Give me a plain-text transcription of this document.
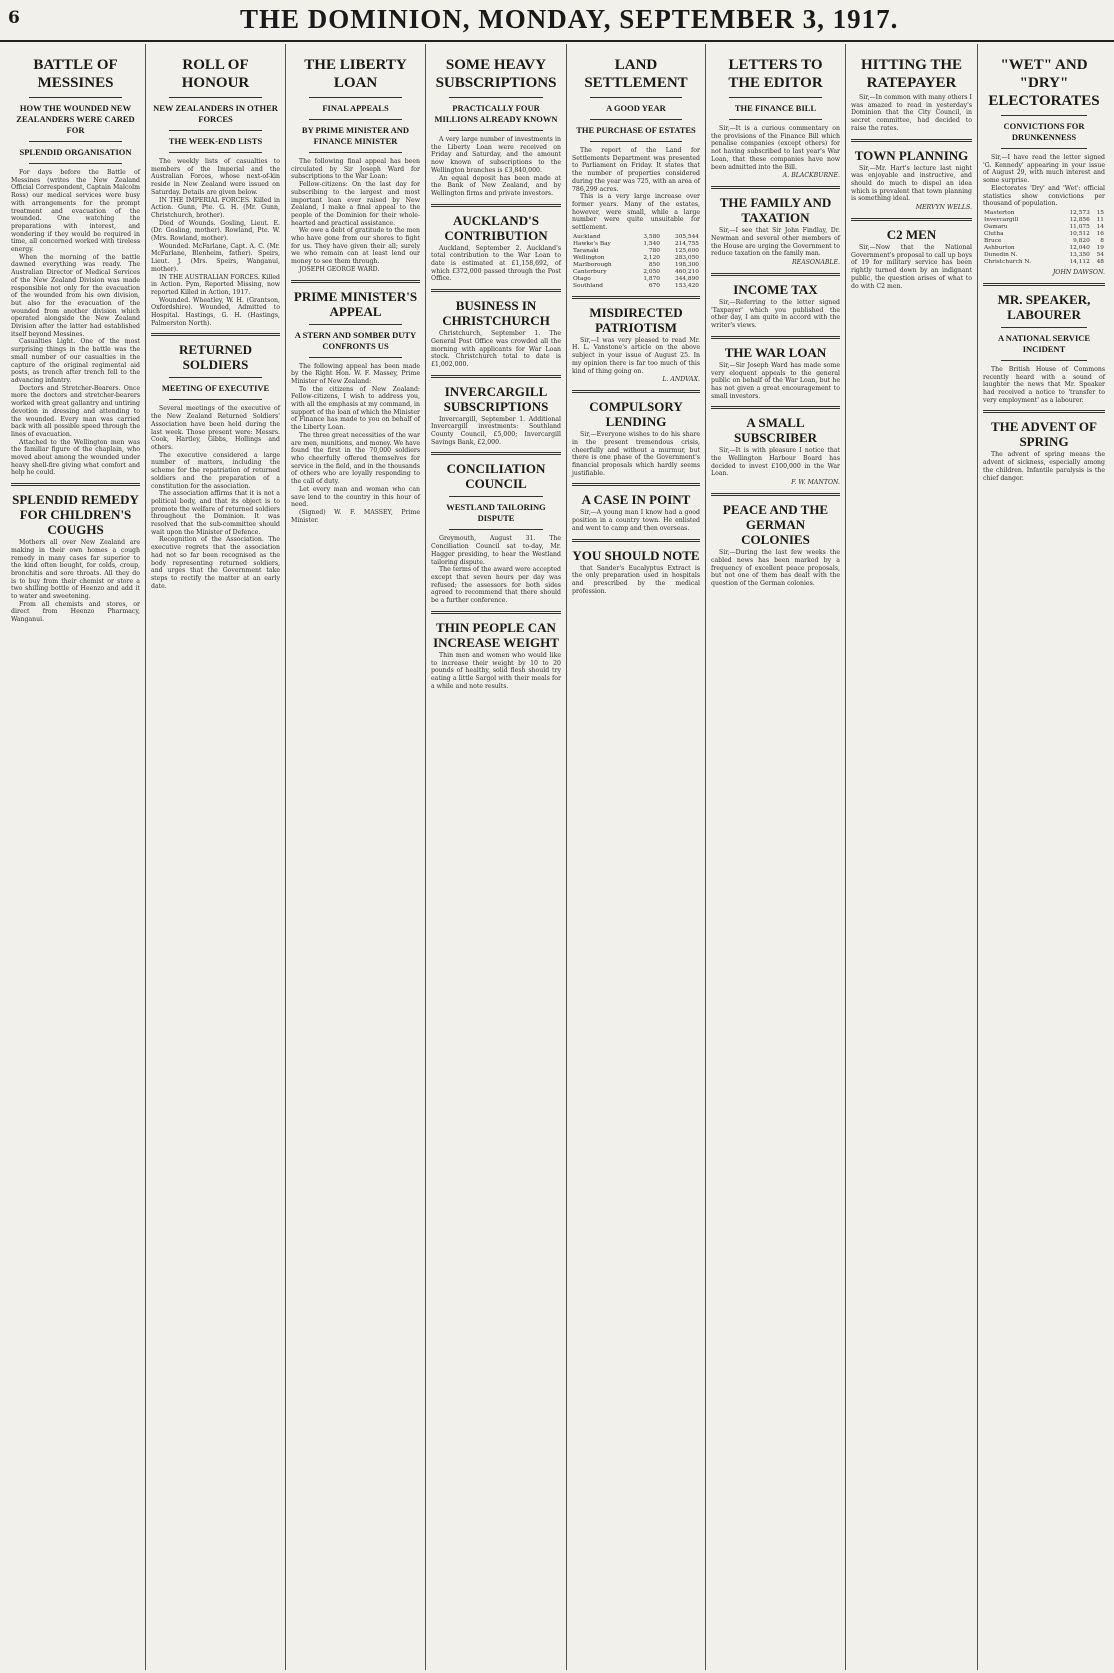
6	THE DOMINION, MONDAY, SEPTEMBER 3, 1917.
BATTLE OF MESSINES
HOW THE WOUNDED NEW ZEALANDERS WERE CARED FOR
SPLENDID ORGANISATION

For days before the Battle of Messines (writes the New Zealand Official Correspondent, Captain Malcolm Ross) our medical services were busy with arrangements for the prompt treatment and evacuation of the wounded. One watching the preparations with interest, and wondering if they would be required in time, all concerned worked with tireless energy.

When the morning of the battle dawned everything was ready. The Australian Director of Medical Services of the New Zealand Division was made responsible not only for the evacuation of the wounded from his own division, but also for the evacuation of the wounded from another division which operated alongside the New Zealand Division after the latter had established itself beyond Messines.

Casualties Light. One of the most surprising things in the battle was the small number of our casualties in the capture of the original regimental aid posts, as trench after trench fell to the advancing infantry.

Doctors and Stretcher-Bearers. Once more the doctors and stretcher-bearers worked with great gallantry and untiring devotion in dressing and attending to the wounded. Every man was carried back with all possible speed through the lines of evacuation.

Attached to the Wellington men was the familiar figure of the chaplain, who moved about among the wounded under heavy shell-fire giving what comfort and help he could.

SPLENDID REMEDY FOR CHILDREN'S COUGHS

Mothers all over New Zealand are making in their own homes a cough remedy in many cases far superior to the kind often bought, for colds, croup, bronchitis and sore throats. All they do is to buy from their chemist or store a two shilling bottle of Heenzo and add it to water and sweetening.

From all chemists and stores, or direct from Heenzo Pharmacy, Wanganui.

ROLL OF HONOUR
NEW ZEALANDERS IN OTHER FORCES
THE WEEK-END LISTS

The weekly lists of casualties to members of the Imperial and the Australian Forces, whose next-of-kin reside in New Zealand were issued on Saturday. Details are given below.

IN THE IMPERIAL FORCES. Killed in Action. Gunn, Pte. G. H. (Mr. Gunn, Christchurch, brother).

Died of Wounds. Gosling, Lieut. E. (Dr. Gosling, mother). Rowland, Pte. W. (Mrs. Rowland, mother).

Wounded. McFarlane, Capt. A. C. (Mr. McFarlane, Blenheim, father). Speirs, Lieut. J. (Mrs. Speirs, Wanganui, mother).

IN THE AUSTRALIAN FORCES. Killed in Action. Pym, Reported Missing, now reported Killed in Action, 1917.

Wounded. Wheatley, W. H. (Grantson, Oxfordshire). Wounded, Admitted to Hospital. Hastings, G. H. (Hastings, Palmerston North).

RETURNED SOLDIERS
MEETING OF EXECUTIVE

Several meetings of the executive of the New Zealand Returned Soldiers' Association have been held during the last week. Those present were: Messrs. Cook, Hartley, Gibbs, Hollings and others.

The executive considered a large number of matters, including the scheme for the repatriation of returned soldiers and the preparation of a constitution for the association.

The association affirms that it is not a political body, and that its object is to promote the welfare of returned soldiers throughout the Dominion. It was resolved that the sub-committee should wait upon the Minister of Defence.

Recognition of the Association. The executive regrets that the association had not so far been recognised as the body representing returned soldiers, and urges that the Government take steps to rectify the matter at an early date.

THE LIBERTY LOAN
FINAL APPEALS
BY PRIME MINISTER AND FINANCE MINISTER

The following final appeal has been circulated by Sir Joseph Ward for subscriptions to the War Loan:

Fellow-citizens: On the last day for subscribing to the largest and most important loan ever raised by New Zealand, I make a final appeal to the people of the Dominion for their whole-hearted and practical assistance.

We owe a debt of gratitude to the men who have gone from our shores to fight for us. They have given their all; surely we who remain can at least lend our money to see them through.

JOSEPH GEORGE WARD.

PRIME MINISTER'S APPEAL
A STERN AND SOMBER DUTY CONFRONTS US

The following appeal has been made by the Right Hon. W. F. Massey, Prime Minister of New Zealand:

To the citizens of New Zealand: Fellow-citizens, I wish to address you, with all the emphasis at my command, in support of the loan of which the Minister of Finance has made to you on behalf of the Liberty Loan.

The three great necessities of the war are men, munitions, and money. We have found the first in the 70,000 soldiers who cheerfully offered themselves for service in the field, and in the thousands of others who are loyally responding to the call of duty.

Let every man and woman who can save lend to the country in this hour of need.

(Signed) W. F. MASSEY, Prime Minister.

SOME HEAVY SUBSCRIPTIONS
PRACTICALLY FOUR MILLIONS ALREADY KNOWN

A very large number of investments in the Liberty Loan were received on Friday and Saturday, and the amount now known of subscriptions to the Wellington branches is £3,840,000.

An equal deposit has been made at the Bank of New Zealand, and by Wellington firms and private investors.

AUCKLAND'S CONTRIBUTION

Auckland, September 2. Auckland's total contribution to the War Loan to date is estimated at £1,158,692, of which £372,000 passed through the Post Office.

BUSINESS IN CHRISTCHURCH

Christchurch, September 1. The General Post Office was crowded all the morning with applicants for War Loan stock. Christchurch total to date is £1,002,000.

INVERCARGILL SUBSCRIPTIONS

Invercargill, September 1. Additional Invercargill investments: Southland County Council, £5,000; Invercargill Savings Bank, £2,000.

CONCILIATION COUNCIL
WESTLAND TAILORING DISPUTE

Greymouth, August 31. The Conciliation Council sat to-day, Mr. Hagger presiding, to hear the Westland tailoring dispute.

The terms of the award were accepted except that seven hours per day was refused; the assessors for both sides agreed to recommend that there should be a further conference.

THIN PEOPLE CAN INCREASE WEIGHT

Thin men and women who would like to increase their weight by 10 to 20 pounds of healthy, solid flesh should try eating a little Sargol with their meals for a while and note results.

LAND SETTLEMENT
A GOOD YEAR
THE PURCHASE OF ESTATES

The report of the Land for Settlements Department was presented to Parliament on Friday. It states that the number of properties considered during the year was 725, with an area of 786,299 acres.

This is a very large increase over former years. Many of the estates, however, were small, while a large number were quite unsuitable for settlement.

Auckland	3,580	305,544
Hawke's Bay	1,540	214,755
Taranaki	780	125,600
Wellington	2,120	283,050
Marlborough	850	198,300
Canterbury	2,050	460,210
Otago	1,870	344,890
Southland	670	153,420
MISDIRECTED PATRIOTISM

Sir,—I was very pleased to read Mr. H. L. Vanstone's article on the above subject in your issue of August 25. In my opinion there is far too much of this kind of thing going on.

L. ANDVAX.
COMPULSORY LENDING

Sir,—Everyone wishes to do his share in the present tremendous crisis, cheerfully and without a murmur, but there is one phase of the Government's financial proposals which hardly seems justifiable.

A CASE IN POINT

Sir,—A young man I know had a good position in a country town. He enlisted and went to camp and then overseas.

YOU SHOULD NOTE

that Sander's Eucalyptus Extract is the only preparation used in hospitals and prescribed by the medical profession.

LETTERS TO THE EDITOR
THE FINANCE BILL

Sir,—It is a curious commentary on the provisions of the Finance Bill which penalise companies (except others) for not having subscribed to last year's War Loan, that these companies have now been admitted into the Bill.

A. BLACKBURNE.
THE FAMILY AND TAXATION

Sir,—I see that Sir John Findlay, Dr. Newman and several other members of the House are urging the Government to reduce taxation on the family man.

REASONABLE.
INCOME TAX

Sir,—Referring to the letter signed 'Taxpayer' which you published the other day, I am quite in accord with the writer's views.

THE WAR LOAN

Sir,—Sir Joseph Ward has made some very eloquent appeals to the general public on behalf of the War Loan, but he has not given a great encouragement to small investors.

A SMALL SUBSCRIBER

Sir,—It is with pleasure I notice that the Wellington Harbour Board has decided to invest £100,000 in the War Loan.

F. W. MANTON.
PEACE AND THE GERMAN COLONIES

Sir,—During the last few weeks the cabled news has been marked by a frequency of excellent peace proposals, but not one of them has dealt with the question of the German colonies.

HITTING THE RATEPAYER

Sir,—In common with many others I was amazed to read in yesterday's Dominion that the City Council, in secret committee, had decided to raise the rates.

TOWN PLANNING

Sir,—Mr. Hart's lecture last night was enjoyable and instructive, and should do much to dispel an idea which is prevalent that town planning is something ideal.

MERVYN WELLS.
C2 MEN

Sir,—Now that the National Government's proposal to call up boys of 19 for military service has been rightly turned down by an indignant public, the question arises of what to do with C2 men.

"WET" AND "DRY" ELECTORATES
CONVICTIONS FOR DRUNKENNESS

Sir,—I have read the letter signed 'G. Kennedy' appearing in your issue of August 29, with much interest and some surprise.

Electorates 'Dry' and 'Wet': official statistics show convictions per thousand of population.

Masterton	12,573	15
Invercargill	12,856	11
Oamaru	11,075	14
Clutha	10,512	16
Bruce	9,820	8
Ashburton	12,040	19
Dunedin N.	13,350	54
Christchurch N.	14,112	48
JOHN DAWSON.
MR. SPEAKER, LABOURER
A NATIONAL SERVICE INCIDENT

The British House of Commons recently heard with a sound of laughter the news that Mr. Speaker had received a notice to 'transfer to very employment' as a labourer.

THE ADVENT OF SPRING

The advent of spring means the advent of sickness, especially among the children. Infantile paralysis is the chief danger.
